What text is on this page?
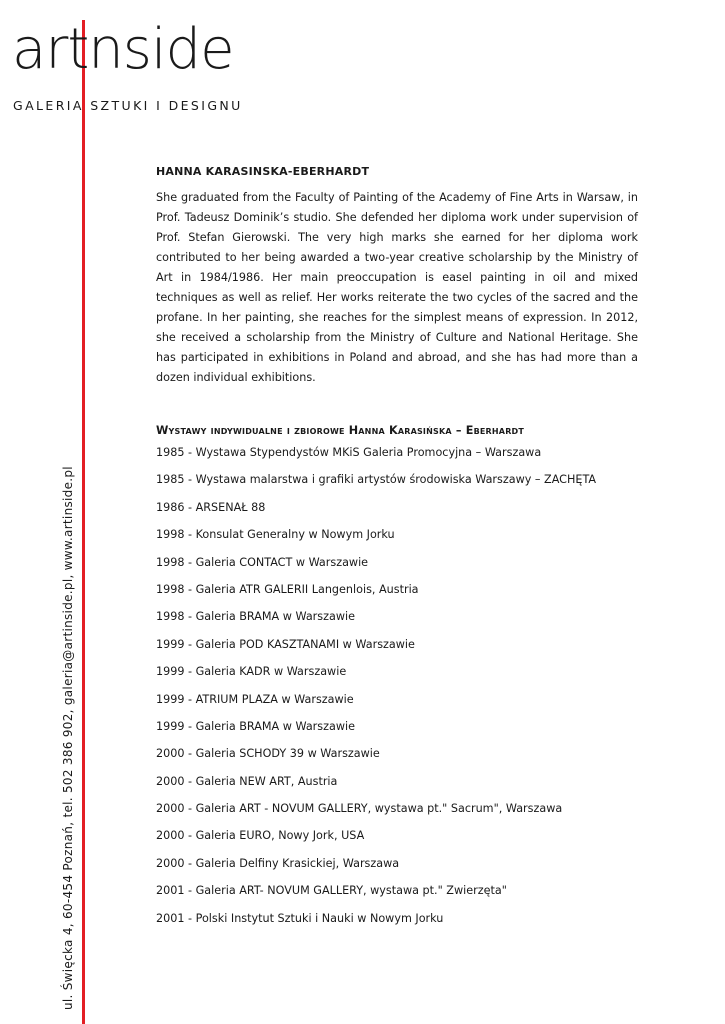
artnside
GALERIA SZTUKI I DESIGNU
ul. Święcka 4, 60-454 Poznań, tel. 502 386 902, galeria@artinside.pl, www.artinside.pl
HANNA KARASINSKA-EBERHARDT

She graduated from the Faculty of Painting of the Academy of Fine Arts in Warsaw, in Prof. Tadeusz Dominik’s studio. She defended her diploma work under supervision of Prof. Stefan Gierowski. The very high marks she earned for her diploma work contributed to her being awarded a two-year creative scholarship by the Ministry of Art in 1984/1986. Her main preoccupation is easel painting in oil and mixed techniques as well as relief. Her works reiterate the two cycles of the sacred and the profane. In her painting, she reaches for the simplest means of expression. In 2012, she received a scholarship from the Ministry of Culture and National Heritage. She has participated in exhibitions in Poland and abroad, and she has had more than a dozen individual exhibitions.

Wystawy indywidualne i zbiorowe Hanna Karasińska – Eberhardt
1985 - Wystawa Stypendystów MKiS Galeria Promocyjna – Warszawa
1985 - Wystawa malarstwa i grafiki artystów środowiska Warszawy – ZACHĘTA
1986 - ARSENAŁ 88
1998 - Konsulat Generalny w Nowym Jorku
1998 - Galeria CONTACT w Warszawie
1998 - Galeria ATR GALERII Langenlois, Austria
1998 - Galeria BRAMA w Warszawie
1999 - Galeria POD KASZTANAMI w Warszawie
1999 - Galeria KADR w Warszawie
1999 - ATRIUM PLAZA w Warszawie
1999 - Galeria BRAMA w Warszawie
2000 - Galeria SCHODY 39 w Warszawie
2000 - Galeria NEW ART, Austria
2000 - Galeria ART - NOVUM GALLERY, wystawa pt." Sacrum", Warszawa
2000 - Galeria EURO, Nowy Jork, USA
2000 - Galeria Delfiny Krasickiej, Warszawa
2001 - Galeria ART- NOVUM GALLERY, wystawa pt." Zwierzęta"
2001 - Polski Instytut Sztuki i Nauki w Nowym Jorku
